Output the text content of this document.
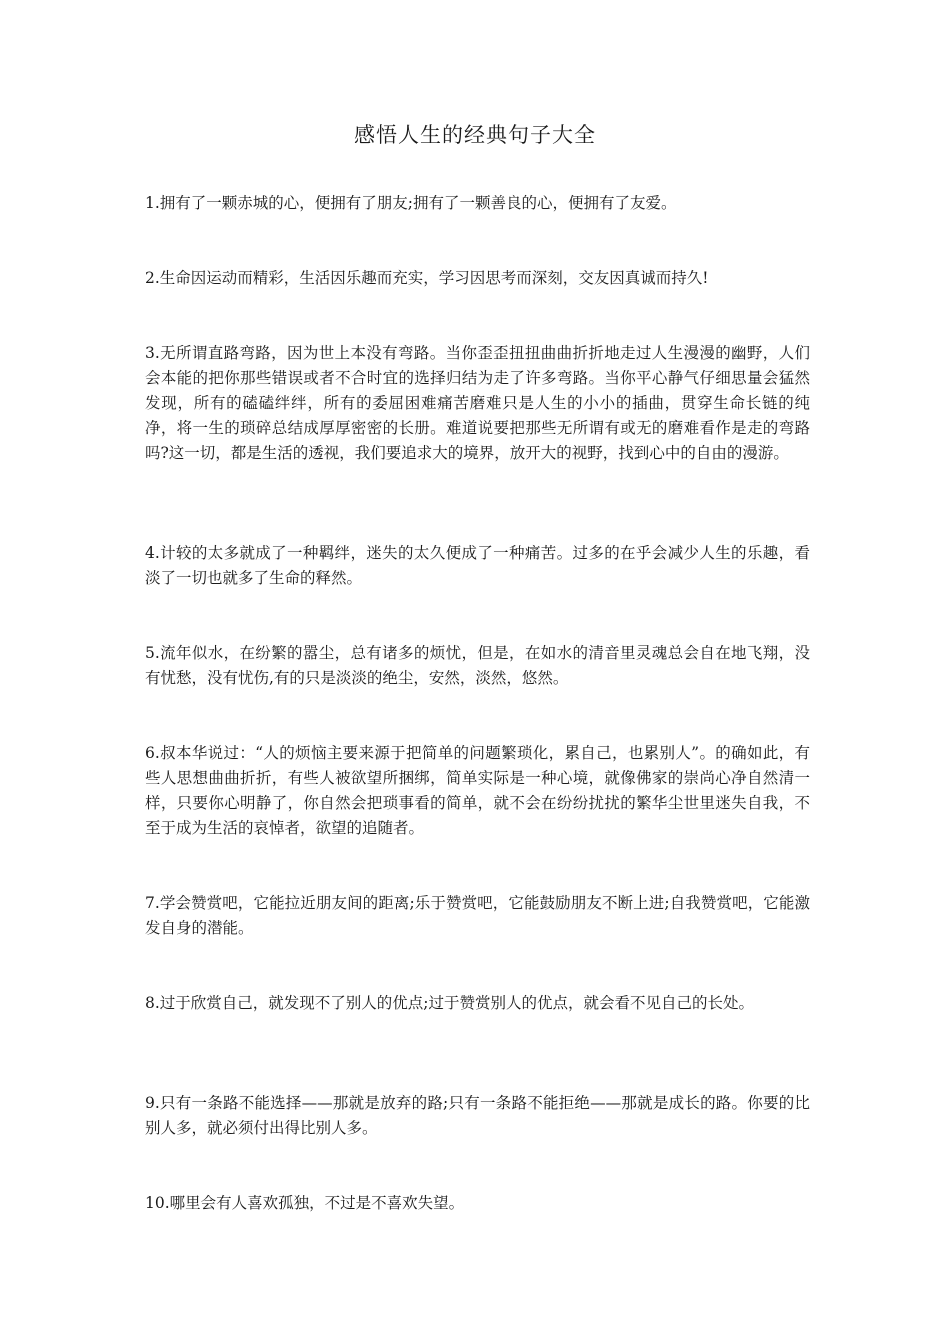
感悟人生的经典句子大全

1.拥有了一颗赤城的心，便拥有了朋友;拥有了一颗善良的心，便拥有了友爱。

2.生命因运动而精彩，生活因乐趣而充实，学习因思考而深刻，交友因真诚而持久!

3.无所谓直路弯路，因为世上本没有弯路。当你歪歪扭扭曲曲折折地走过人生漫漫的幽野，人们会本能的把你那些错误或者不合时宜的选择归结为走了许多弯路。当你平心静气仔细思量会猛然发现，所有的磕磕绊绊，所有的委屈困难痛苦磨难只是人生的小小的插曲，贯穿生命长链的纯净，将一生的琐碎总结成厚厚密密的长册。难道说要把那些无所谓有或无的磨难看作是走的弯路吗?这一切，都是生活的透视，我们要追求大的境界，放开大的视野，找到心中的自由的漫游。

4.计较的太多就成了一种羁绊，迷失的太久便成了一种痛苦。过多的在乎会减少人生的乐趣，看淡了一切也就多了生命的释然。

5.流年似水，在纷繁的嚣尘，总有诸多的烦忧，但是，在如水的清音里灵魂总会自在地飞翔，没有忧愁，没有忧伤,有的只是淡淡的绝尘，安然，淡然，悠然。

6.叔本华说过：“人的烦恼主要来源于把简单的问题繁琐化，累自己，也累别人”。的确如此，有些人思想曲曲折折，有些人被欲望所捆绑，简单实际是一种心境，就像佛家的崇尚心净自然清一样，只要你心明静了，你自然会把琐事看的简单，就不会在纷纷扰扰的繁华尘世里迷失自我，不至于成为生活的哀悼者，欲望的追随者。

7.学会赞赏吧，它能拉近朋友间的距离;乐于赞赏吧，它能鼓励朋友不断上进;自我赞赏吧，它能激发自身的潜能。

8.过于欣赏自己，就发现不了别人的优点;过于赞赏别人的优点，就会看不见自己的长处。

9.只有一条路不能选择——那就是放弃的路;只有一条路不能拒绝——那就是成长的路。你要的比别人多，就必须付出得比别人多。

10.哪里会有人喜欢孤独，不过是不喜欢失望。
